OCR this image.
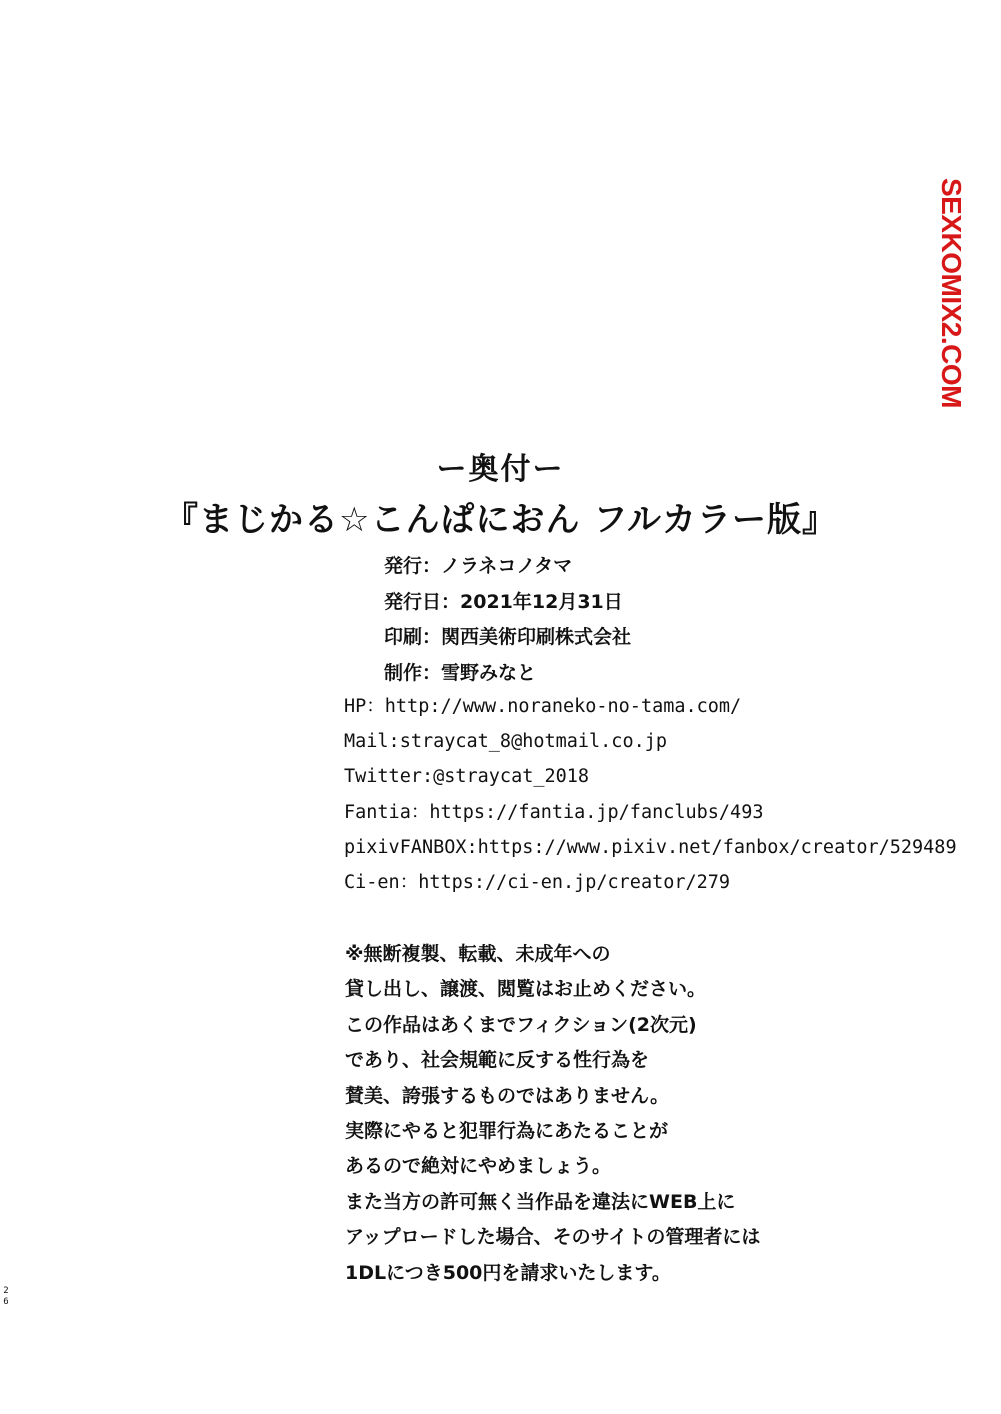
SEXKOMIX2.COM
ー奥付ー
『まじかる☆こんぱにおん フルカラー版』
発行：ノラネコノタマ
発行日：2021年12月31日
印刷：関西美術印刷株式会社
制作：雪野みなと
HP：http://www.noraneko-no-tama.com/
Mail:straycat_8@hotmail.co.jp
Twitter:@straycat_2018
Fantia：https://fantia.jp/fanclubs/493
pixivFANBOX:https://www.pixiv.net/fanbox/creator/529489
Ci-en：https://ci-en.jp/creator/279
※無断複製、転載、未成年への
貸し出し、譲渡、閲覧はお止めください。
この作品はあくまでフィクション(2次元)
であり、社会規範に反する性行為を
賛美、誇張するものではありません。
実際にやると犯罪行為にあたることが
あるので絶対にやめましょう。
また当方の許可無く当作品を違法にWEB上に
アップロードした場合、そのサイトの管理者には
1DLにつき500円を請求いたします。
2
6
